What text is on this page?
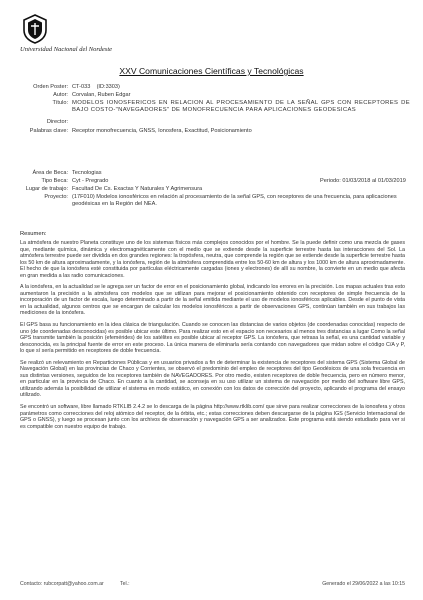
Universidad Nacional del Nordeste
XXV Comunicaciones Científicas y Tecnológicas
Orden Poster: CT-033 (ID:3303)
Autor: Corvalan, Ruben Edgar
Título: MODELOS IONOSFERICOS EN RELACION AL PROCESAMIENTO DE LA SEÑAL GPS CON RECEPTORES DE BAJO COSTO-"NAVEGADORES" DE MONOFRECUENCIA PARA APLICACIONES GEODESICAS
Director:
Palabras clave: Receptor monofrecuencia, GNSS, Ionosfera, Exactitud, Posicionamiento
Área de Beca: Tecnologias
Tipo Beca: Cyt - Pregrado	Periodo: 01/03/2018 al 01/03/2019
Lugar de trabajo: Facultad De Cs. Exactas Y Naturales Y Agrimensura
Proyecto: (17F010) Modelos ionosféricos en relación al procesamiento de la señal GPS, con receptores de una frecuencia, para aplicaciones geodésicas en la Región del NEA.
Resumen:

La atmósfera de nuestro Planeta constituye uno de los sistemas físicos más complejos conocidos por el hombre. Se la puede definir como una mezcla de gases que, mediante química, dinámica y electromagnéticamente con el medio que se extiende desde la superficie terrestre hasta las interacciones del Sol. La atmósfera terrestre puede ser dividida en dos grandes regiones: la tropósfera, neutra, que comprende la región que se extiende desde la superficie terrestre hasta los 50 km de altura aproximadamente, y la ionósfera, región de la atmósfera comprendida entre los 50-60 km de altura y los 1000 km de altura aproximadamente. El hecho de que la ionósfera esté constituida por partículas eléctricamente cargadas (iones y electrones) de allí su nombre, la convierte en un medio que afecta en gran medida a las radio comunicaciones.

A la ionósfera, en la actualidad se le agrega ser un factor de error en el posicionamiento global, indicando los errores en la precisión. Los mapas actuales tras esto aumentaron la precisión a la atmósfera con modelos que se utilizan para mejorar el posicionamiento obtenido con receptores de simple frecuencia de la incorporación de un factor de escala, luego determinado a partir de la señal emitida mediante el uso de modelos ionosféricos aplicables. Desde el punto de vista en la actualidad, algunos centros que se encargan de calcular los modelos ionosféricos a partir de observaciones GPS, continúan también en sus trabajos las mediciones de la ionósfera.

El GPS basa su funcionamiento en la idea clásica de triangulación. Cuando se conocen las distancias de varios objetos (de coordenadas conocidas) respecto de uno (de coordenadas desconocidas) es posible ubicar este último. Para realizar esto en el espacio son necesarios al menos tres distancias a lugar Como la señal GPS transmite también la posición (efemérides) de los satélites es posible ubicar al receptor GPS. La ionósfera, que retrasa la señal, es una cantidad variable y desconocida, es la principal fuente de error en este proceso. La única manera de eliminarla sería contando con navegadores que midan sobre el código C/A y P, lo que sí sería permitido en receptores de doble frecuencia.

Se realizó un relevamiento en Reparticiones Públicas y en usuarios privados a fin de determinar la existencia de receptores del sistema GPS (Sistema Global de Navegación Global) en las provincias de Chaco y Corrientes, se observó el predominio del empleo de receptores del tipo Geodésicos de una sola frecuencia en sus distintas versiones, seguidos de los receptores también de NAVEGADORES. Por otro medio, existen receptores de doble frecuencia, pero en número menor, en particular en la provincia de Chaco. En cuanto a la cantidad, se aconseja en su uso utilizar un sistema de navegación por medio del software libre GPS, utilizando además la posibilidad de utilizar el sistema en modo estático, en conexión con los datos de corrección del proyecto, aplicando el programa del ensayo utilizado.

Se encontró un software, libre llamado RTKLIB 2.4.2 se lo descarga de la página http://www.rtklib.com/ que sirve para realizar correcciones de la ionosfera y otros parámetros como correcciones del reloj atómico del receptor, de la órbita, etc.; estas correcciones deben descargarse de la página IGS (Servicio Internacional de GPS o GNSS), y luego se procesan junto con los archivos de observación y navegación GPS a ser analizados. Este programa está siendo estudiado para ver si es compatible con nuestro equipo de trabajo.

Contacto: rubcorpatt@yahoo.com.ar	Tel.:	Generado el 29/06/2022 a las 10:15
